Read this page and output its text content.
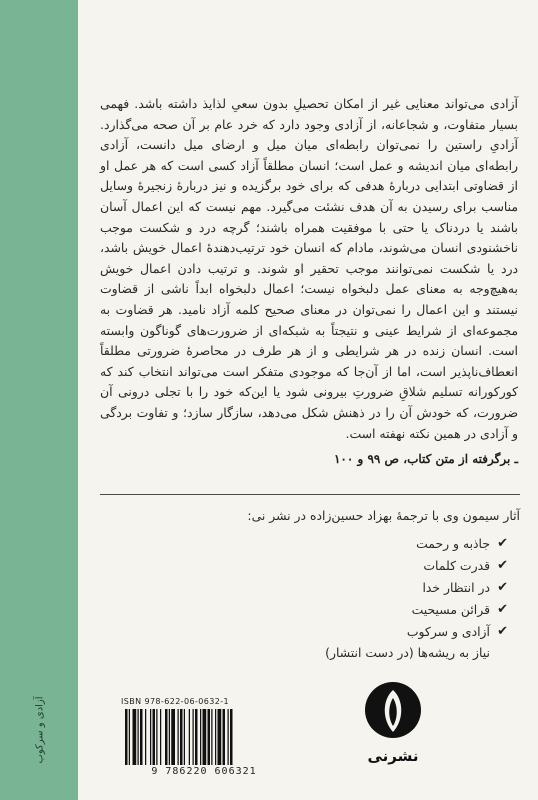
آزادی و سرکوب

آزادی می‌تواند معنایی غیر از امکان تحصیلِ بدون سعیِ لذایذ داشته باشد. فهمی بسیار متفاوت، و شجاعانه، از آزادی وجود دارد که خرد عام بر آن صحه می‌گذارد. آزادیِ راستین را نمی‌توان رابطه‌ای میان میل و ارضای میل دانست، آزادی رابطه‌ای میان اندیشه و عمل است؛ انسان مطلقاً آزاد کسی است که هر عمل او از قضاوتی ابتدایی دربارهٔ هدفی که برای خود برگزیده و نیز دربارهٔ زنجیرهٔ وسایل مناسب برای رسیدن به آن هدف نشئت می‌گیرد. مهم نیست که این اعمال آسان باشند یا دردناک یا حتی با موفقیت همراه باشند؛ گرچه درد و شکست موجب ناخشنودی انسان می‌شوند، مادام که انسان خود ترتیب‌دهندهٔ اعمال خویش باشد، درد یا شکست نمی‌توانند موجب تحقیر او شوند. و ترتیب دادن اعمال خویش به‌هیچ‌وجه به معنای عمل دلبخواه نیست؛ اعمال دلبخواه ابداً ناشی از قضاوت نیستند و این اعمال را نمی‌توان در معنای صحیح کلمه آزاد نامید. هر قضاوت به مجموعه‌ای از شرایط عینی و نتیجتاً به شبکه‌ای از ضرورت‌های گوناگون وابسته است. انسان زنده در هر شرایطی و از هر طرف در محاصرهٔ ضرورتی مطلقاً انعطاف‌ناپذیر است، اما از آن‌جا که موجودی متفکر است می‌تواند انتخاب کند که کورکورانه تسلیم شلاقِ ضرورتِ بیرونی شود یا این‌که خود را با تجلی درونی آن ضرورت، که خودش آن را در ذهنش شکل می‌دهد، سازگار سازد؛ و تفاوت بردگی و آزادی در همین نکته نهفته است.

ـ برگرفته از متن کتاب، ص ۹۹ و ۱۰۰

آثار سیمون وی با ترجمهٔ بهزاد حسین‌زاده در نشر نی:

✔
جاذبه و رحمت
✔
قدرت کلمات
✔
در انتظار خدا
✔
قرائن مسیحیت
✔
آزادی و سرکوب
نیاز به ریشه‌ها (در دست انتشار)
ISBN 978-622-06-0632-1
9 786220 606321
نشرنی
